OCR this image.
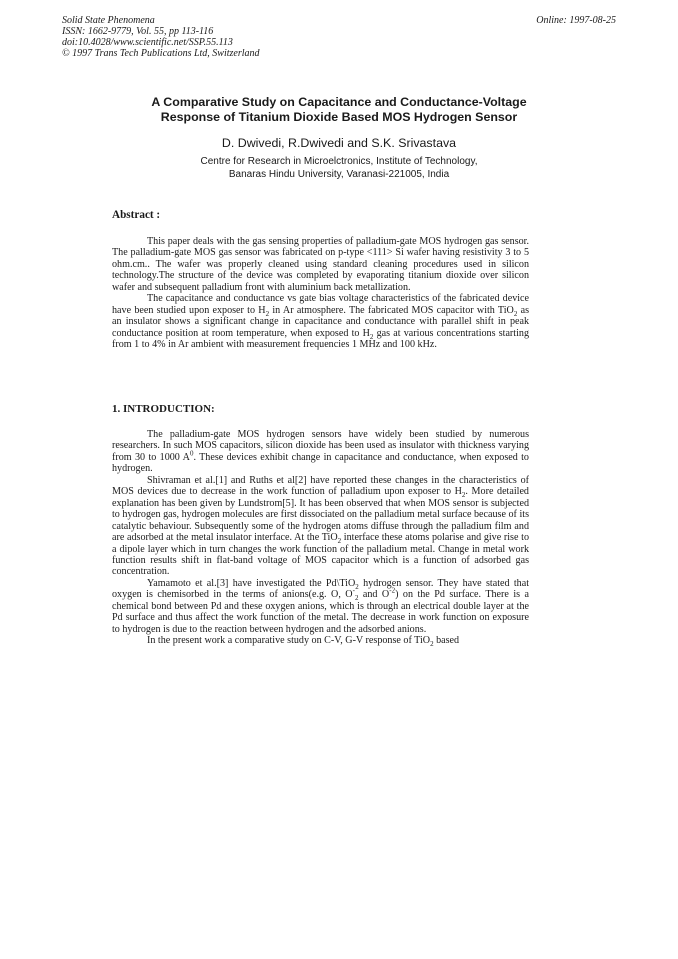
Solid State Phenomena
ISSN: 1662-9779, Vol. 55, pp 113-116
doi:10.4028/www.scientific.net/SSP.55.113
© 1997 Trans Tech Publications Ltd, Switzerland
Online: 1997-08-25
A Comparative Study on Capacitance and Conductance-Voltage
Response of Titanium Dioxide Based MOS Hydrogen Sensor
D. Dwivedi, R.Dwivedi and S.K. Srivastava
Centre for Research in Microelctronics, Institute of Technology,
Banaras Hindu University, Varanasi-221005, India
Abstract :

This paper deals with the gas sensing properties of palladium-gate MOS hydrogen gas sensor. The palladium-gate MOS gas sensor was fabricated on p-type <111> Si wafer having resistivity 3 to 5 ohm.cm.. The wafer was properly cleaned using standard cleaning procedures used in silicon technology.The structure of the device was completed by evaporating titanium dioxide over silicon wafer and subsequent palladium front with aluminium back metallization.

The capacitance and conductance vs gate bias voltage characteristics of the fabricated device have been studied upon exposer to $H_2$ in Ar atmosphere. The fabricated MOS capacitor with TiO$_2$ as an insulator shows a significant change in capacitance and conductance with parallel shift in peak conductance position at room temperature, when exposed to $H_2$ gas at various concentrations starting from 1 to 4% in Ar ambient with measurement frequencies 1 MHz and 100 kHz.

1. INTRODUCTION:

The palladium-gate MOS hydrogen sensors have widely been studied by numerous researchers. In such MOS capacitors, silicon dioxide has been used as insulator with thickness varying from 30 to 1000 $A^0$. These devices exhibit change in capacitance and conductance, when exposed to hydrogen.

Shivraman et al.[1] and Ruths et al[2] have reported these changes in the characteristics of MOS devices due to decrease in the work function of palladium upon exposer to $H_2$. More detailed explanation has been given by Lundstrom[5]. It has been observed that when MOS sensor is subjected to hydrogen gas, hydrogen molecules are first dissociated on the palladium metal surface because of its catalytic behaviour. Subsequently some of the hydrogen atoms diffuse through the palladium film and are adsorbed at the metal insulator interface. At the TiO$_2$ interface these atoms polarise and give rise to a dipole layer which in turn changes the work function of the palladium metal. Change in metal work function results shift in flat-band voltage of MOS capacitor which is a function of adsorbed gas concentration.

Yamamoto et al.[3] have investigated the Pd\TiO$_2$ hydrogen sensor. They have stated that oxygen is chemisorbed in the terms of anions(e.g. O, $O^-_2$ and $O^{-2}$) on the Pd surface. There is a chemical bond between Pd and these oxygen anions, which is through an electrical double layer at the Pd surface and thus affect the work function of the metal. The decrease in work function on exposure to hydrogen is due to the reaction between hydrogen and the adsorbed anions.

In the present work a comparative study on C-V, G-V response of TiO$_2$ based
